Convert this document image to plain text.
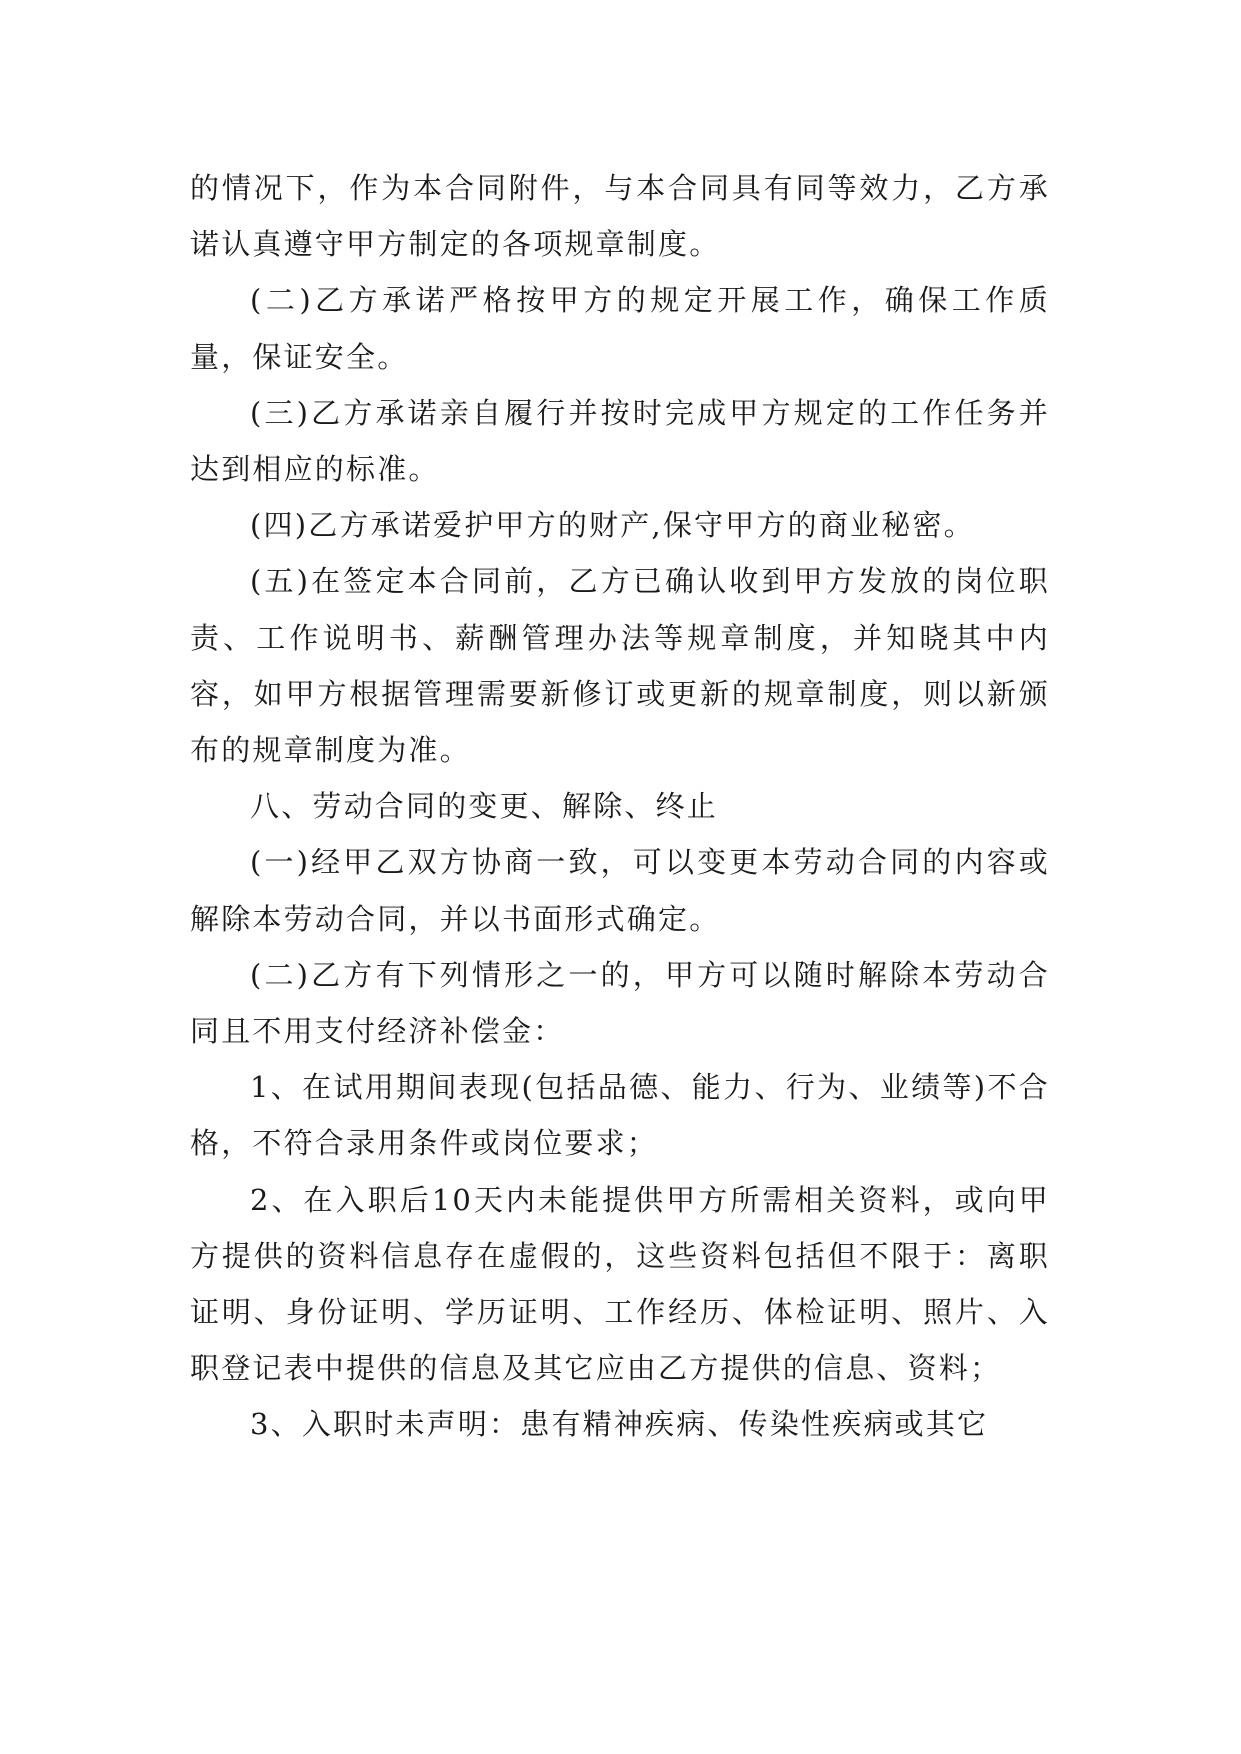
的情况下，作为本合同附件，与本合同具有同等效力，乙方承诺认真遵守甲方制定的各项规章制度。

(二)乙方承诺严格按甲方的规定开展工作，确保工作质量，保证安全。

(三)乙方承诺亲自履行并按时完成甲方规定的工作任务并达到相应的标准。

(四)乙方承诺爱护甲方的财产,保守甲方的商业秘密。

(五)在签定本合同前，乙方已确认收到甲方发放的岗位职责、工作说明书、薪酬管理办法等规章制度，并知晓其中内容，如甲方根据管理需要新修订或更新的规章制度，则以新颁布的规章制度为准。

八、劳动合同的变更、解除、终止

(一)经甲乙双方协商一致，可以变更本劳动合同的内容或解除本劳动合同，并以书面形式确定。

(二)乙方有下列情形之一的，甲方可以随时解除本劳动合同且不用支付经济补偿金：

1、在试用期间表现(包括品德、能力、行为、业绩等)不合格，不符合录用条件或岗位要求；

2、在入职后10天内未能提供甲方所需相关资料，或向甲方提供的资料信息存在虚假的，这些资料包括但不限于：离职证明、身份证明、学历证明、工作经历、体检证明、照片、入职登记表中提供的信息及其它应由乙方提供的信息、资料；

3、入职时未声明：患有精神疾病、传染性疾病或其它
